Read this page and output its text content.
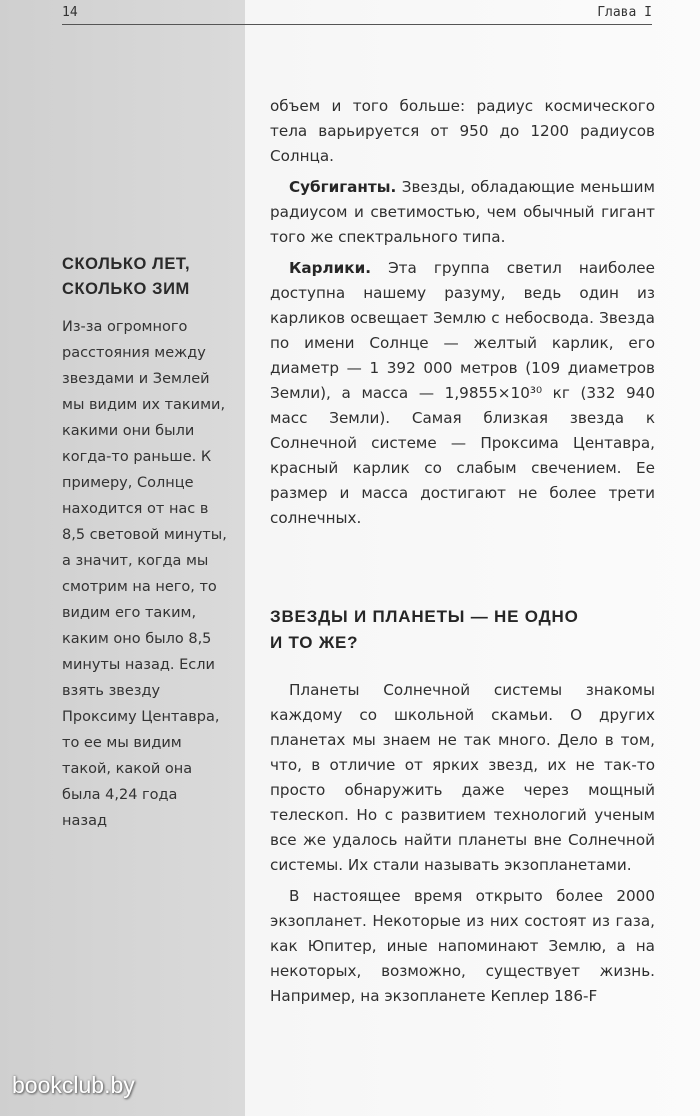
14	Глава I
СКОЛЬКО ЛЕТ,
СКОЛЬКО ЗИМ

Из-за огромного расстояния между звездами и Землей мы видим их такими, какими они были когда-то раньше. К примеру, Солнце находится от нас в 8,5 световой минуты, а значит, когда мы смотрим на него, то видим его таким, каким оно было 8,5 минуты назад. Если взять звезду Проксиму Центавра, то ее мы видим такой, какой она была 4,24 года назад

объем и того больше: радиус космического тела варьируется от 950 до 1200 радиусов Солнца.

Субгиганты. Звезды, обладающие меньшим радиусом и светимостью, чем обычный гигант того же спектрального типа.

Карлики. Эта группа светил наиболее доступна нашему разуму, ведь один из карликов освещает Землю с небосвода. Звезда по имени Солнце — желтый карлик, его диаметр — 1 392 000 метров (109 диаметров Земли), а масса — 1,9855×10³⁰ кг (332 940 масс Земли). Самая близкая звезда к Солнечной системе — Проксима Центавра, красный карлик со слабым свечением. Ее размер и масса достигают не более трети солнечных.

ЗВЕЗДЫ И ПЛАНЕТЫ — НЕ ОДНО
И ТО ЖЕ?

Планеты Солнечной системы знакомы каждому со школьной скамьи. О других планетах мы знаем не так много. Дело в том, что, в отличие от ярких звезд, их не так-то просто обнаружить даже через мощный телескоп. Но с развитием технологий ученым все же удалось найти планеты вне Солнечной системы. Их стали называть экзопланетами.

В настоящее время открыто более 2000 экзопланет. Некоторые из них состоят из газа, как Юпитер, иные напоминают Землю, а на некоторых, возможно, существует жизнь. Например, на экзопланете Кеплер 186-F

bookclub.by
